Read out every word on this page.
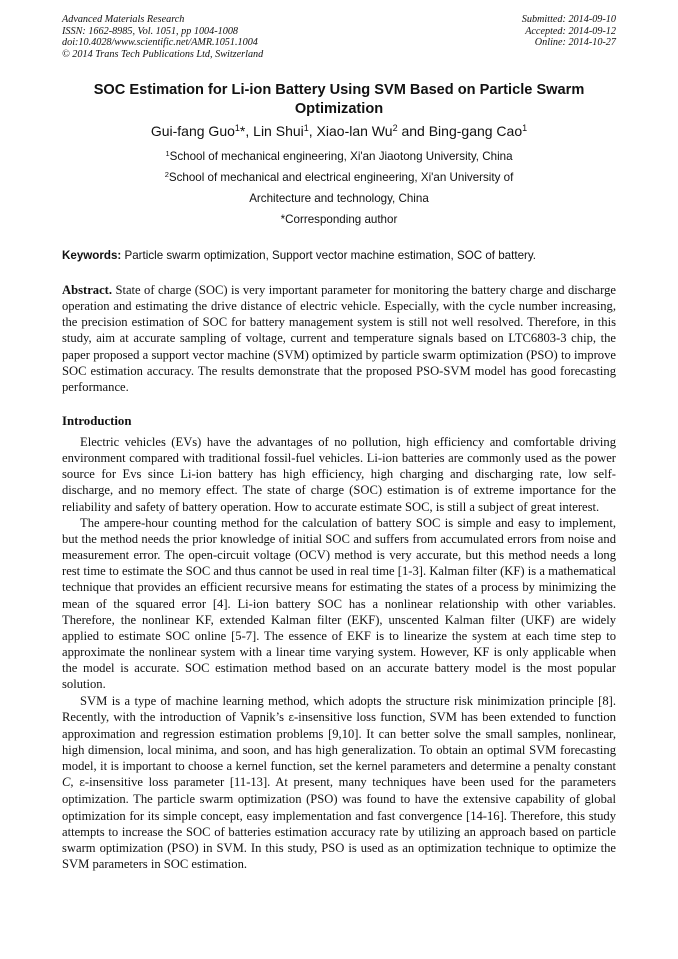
Advanced Materials Research
ISSN: 1662-8985, Vol. 1051, pp 1004-1008
doi:10.4028/www.scientific.net/AMR.1051.1004
© 2014 Trans Tech Publications Ltd, Switzerland
Submitted: 2014-09-10
Accepted: 2014-09-12
Online: 2014-10-27
SOC Estimation for Li-ion Battery Using SVM Based on Particle Swarm Optimization
Gui-fang Guo$^1$*, Lin Shui$^1$, Xiao-lan Wu$^2$ and Bing-gang Cao$^1$
$^1$School of mechanical engineering, Xi'an Jiaotong University, China
$^2$School of mechanical and electrical engineering, Xi'an University of
Architecture and technology, China
*Corresponding author
Keywords: Particle swarm optimization, Support vector machine estimation, SOC of battery.

Abstract. State of charge (SOC) is very important parameter for monitoring the battery charge and discharge operation and estimating the drive distance of electric vehicle. Especially, with the cycle number increasing, the precision estimation of SOC for battery management system is still not well resolved. Therefore, in this study, aim at accurate sampling of voltage, current and temperature signals based on LTC6803-3 chip, the paper proposed a support vector machine (SVM) optimized by particle swarm optimization (PSO) to improve SOC estimation accuracy. The results demonstrate that the proposed PSO-SVM model has good forecasting performance.

Introduction

Electric vehicles (EVs) have the advantages of no pollution, high efficiency and comfortable driving environment compared with traditional fossil-fuel vehicles. Li-ion batteries are commonly used as the power source for Evs since Li-ion battery has high efficiency, high charging and discharging rate, low self-discharge, and no memory effect. The state of charge (SOC) estimation is of extreme importance for the reliability and safety of battery operation. How to accurate estimate SOC, is still a subject of great interest.

The ampere-hour counting method for the calculation of battery SOC is simple and easy to implement, but the method needs the prior knowledge of initial SOC and suffers from accumulated errors from noise and measurement error. The open-circuit voltage (OCV) method is very accurate, but this method needs a long rest time to estimate the SOC and thus cannot be used in real time [1-3]. Kalman filter (KF) is a mathematical technique that provides an efficient recursive means for estimating the states of a process by minimizing the mean of the squared error [4]. Li-ion battery SOC has a nonlinear relationship with other variables. Therefore, the nonlinear KF, extended Kalman filter (EKF), unscented Kalman filter (UKF) are widely applied to estimate SOC online [5-7]. The essence of EKF is to linearize the system at each time step to approximate the nonlinear system with a linear time varying system. However, KF is only applicable when the model is accurate. SOC estimation method based on an accurate battery model is the most popular solution.

SVM is a type of machine learning method, which adopts the structure risk minimization principle [8]. Recently, with the introduction of Vapnik’s ε-insensitive loss function, SVM has been extended to function approximation and regression estimation problems [9,10]. It can better solve the small samples, nonlinear, high dimension, local minima, and soon, and has high generalization. To obtain an optimal SVM forecasting model, it is important to choose a kernel function, set the kernel parameters and determine a penalty constant C, ε-insensitive loss parameter [11-13]. At present, many techniques have been used for the parameters optimization. The particle swarm optimization (PSO) was found to have the extensive capability of global optimization for its simple concept, easy implementation and fast convergence [14-16]. Therefore, this study attempts to increase the SOC of batteries estimation accuracy rate by utilizing an approach based on particle swarm optimization (PSO) in SVM. In this study, PSO is used as an optimization technique to optimize the SVM parameters in SOC estimation.
